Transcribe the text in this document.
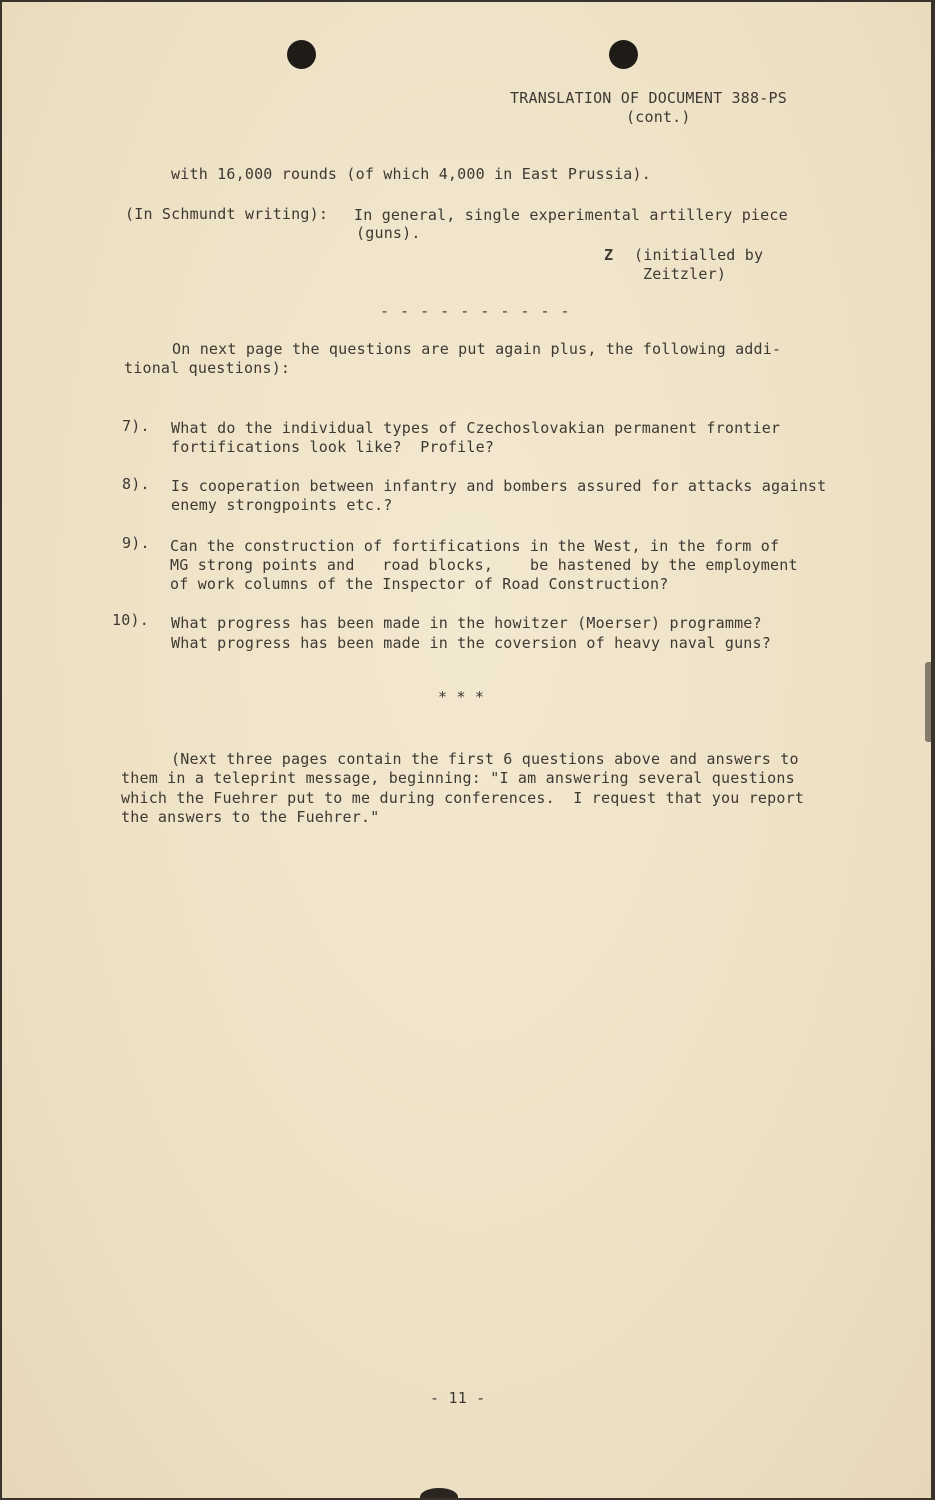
TRANSLATION OF DOCUMENT 388-PS
(cont.)
with 16,000 rounds (of which 4,000 in East Prussia).
(In Schmundt writing): In general, single experimental artillery piece
(guns).
Z (initialled by
Zeitzler)
- - - - - - - - - -
On next page the questions are put again plus, the following addi-
tional questions):
7). What do the individual types of Czechoslovakian permanent frontier
fortifications look like?  Profile?
8). Is cooperation between infantry and bombers assured for attacks against
enemy strongpoints etc.?
9). Can the construction of fortifications in the West, in the form of
MG strong points and   road blocks,    be hastened by the employment
of work columns of the Inspector of Road Construction?
10). What progress has been made in the howitzer (Moerser) programme?
What progress has been made in the coversion of heavy naval guns?
* * *
(Next three pages contain the first 6 questions above and answers to
them in a teleprint message, beginning: "I am answering several questions
which the Fuehrer put to me during conferences.  I request that you report
the answers to the Fuehrer."
- 11 -
